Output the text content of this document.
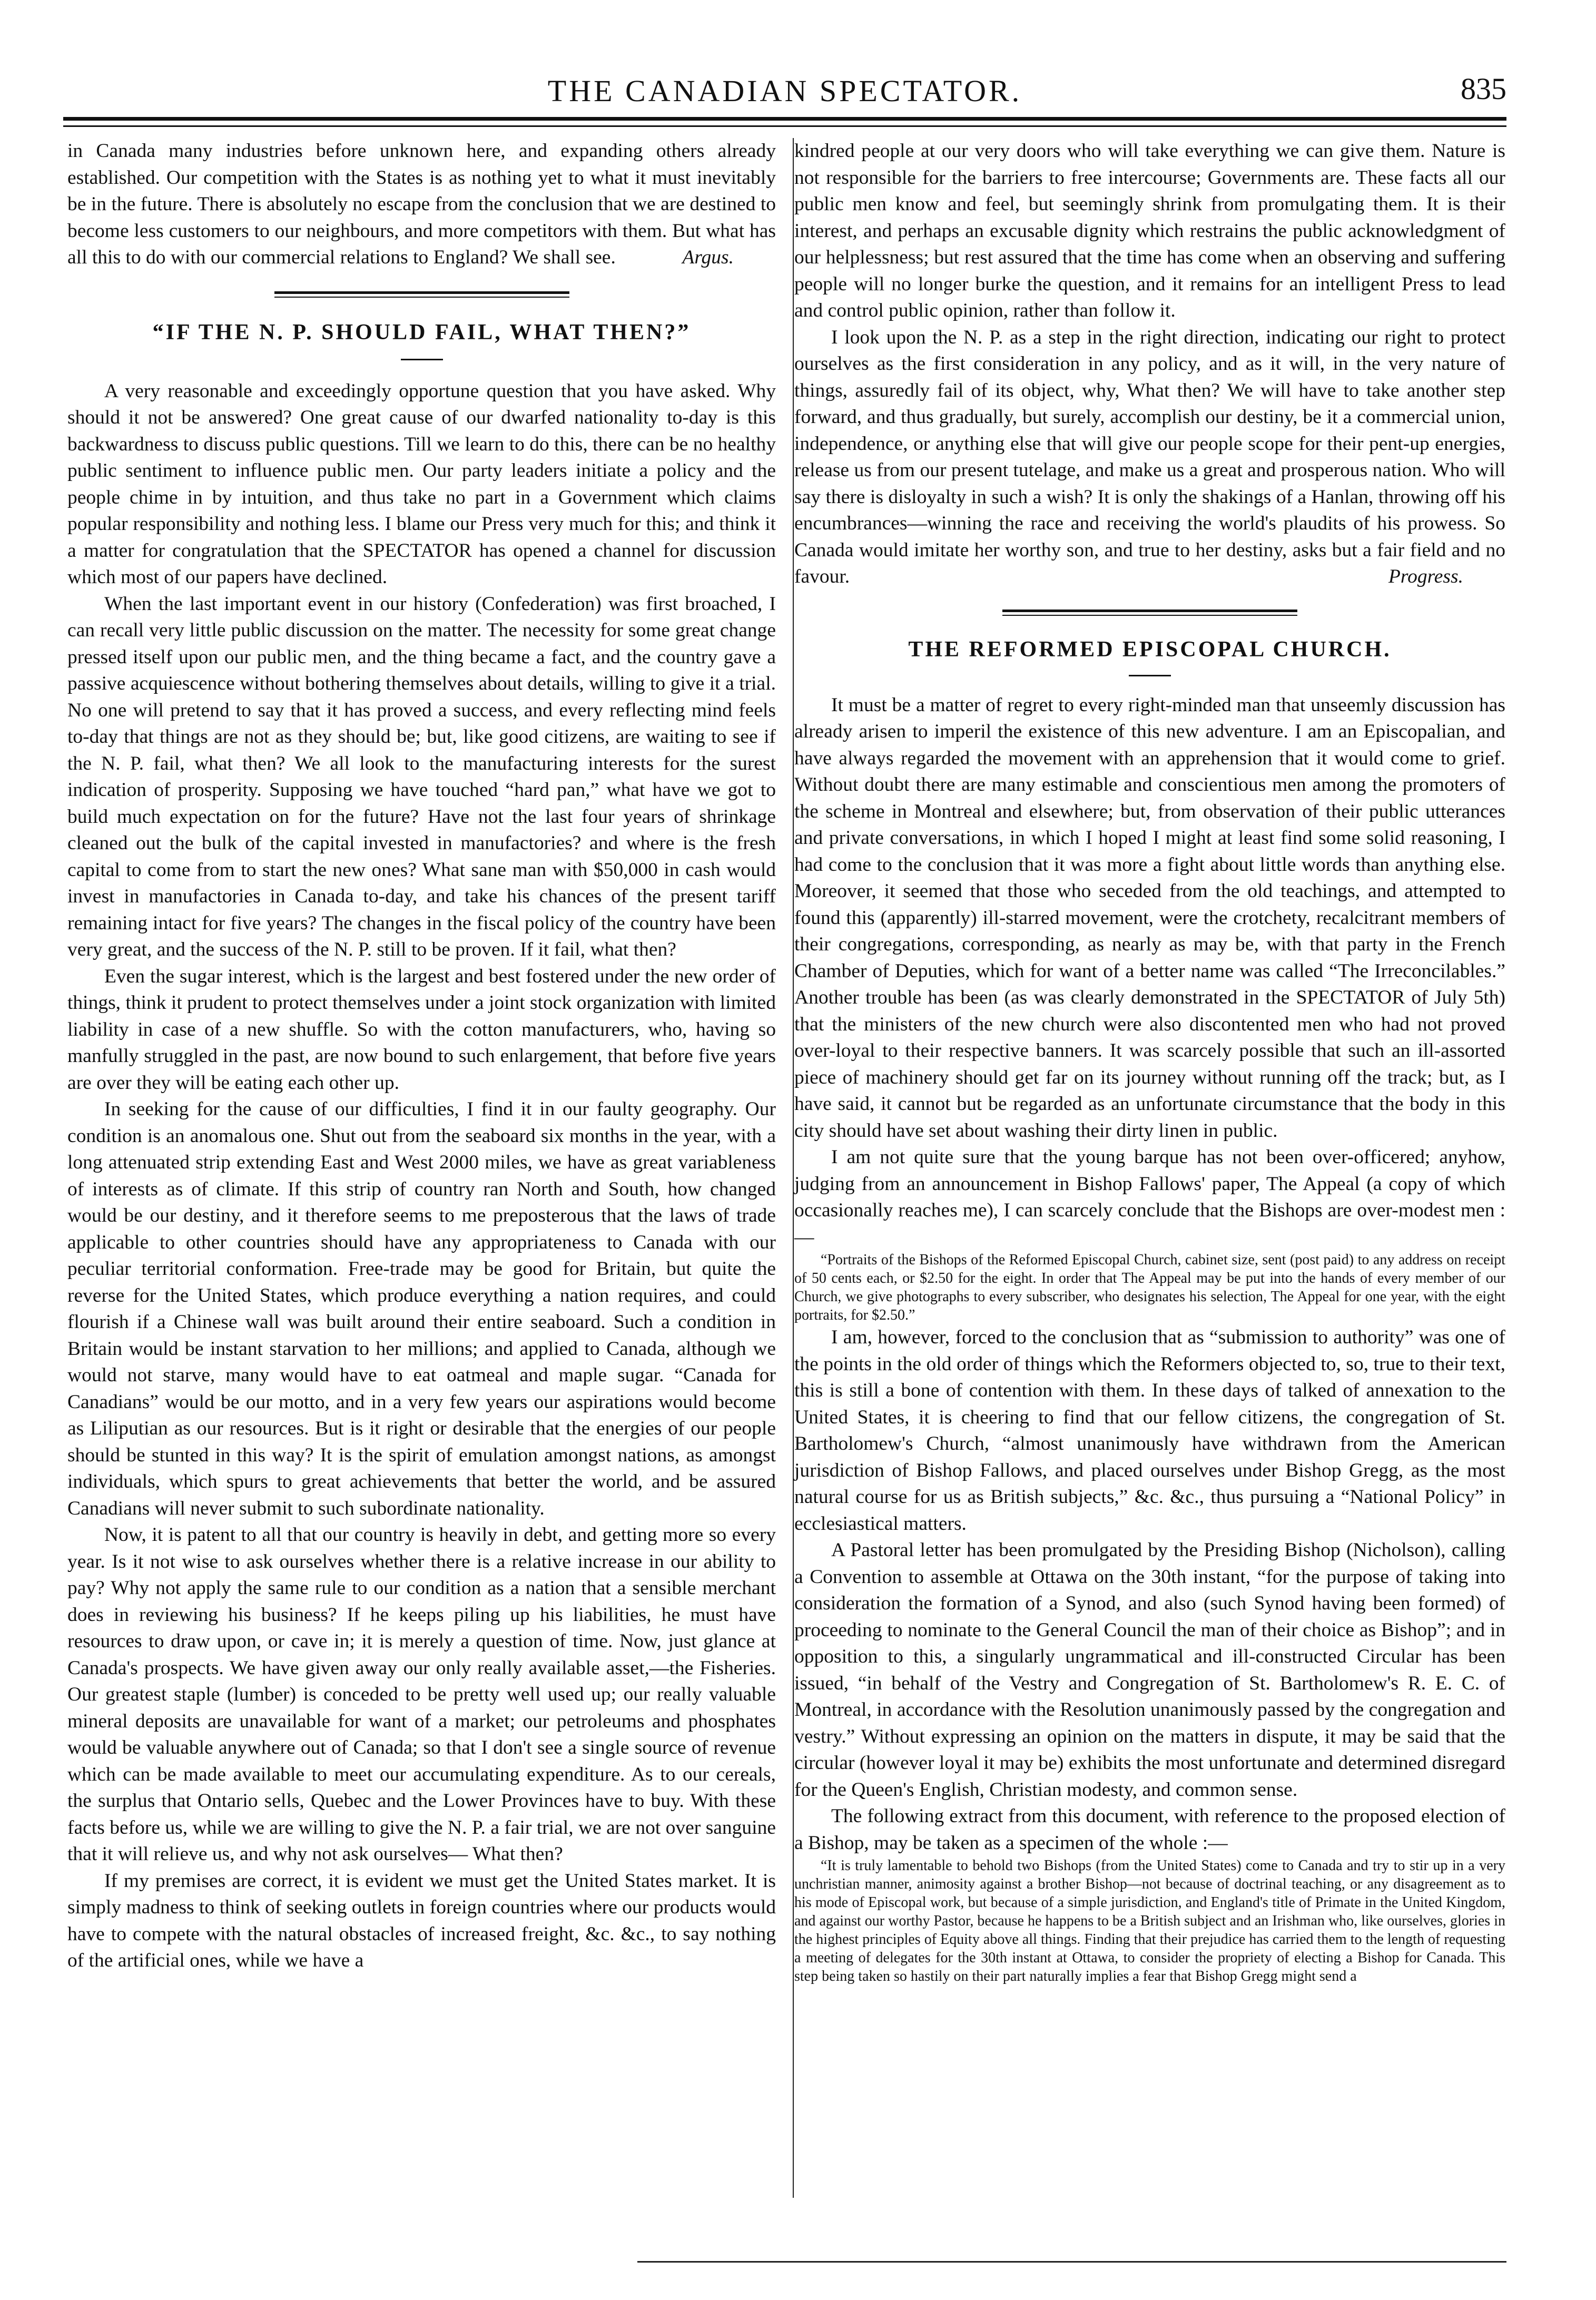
THE CANADIAN SPECTATOR.	835

in Canada many industries before unknown here, and expanding others already established. Our competition with the States is as nothing yet to what it must inevitably be in the future. There is absolutely no escape from the conclusion that we are destined to become less customers to our neighbours, and more competitors with them. But what has all this to do with our commercial relations to England? We shall see.	Argus.

“IF THE N. P. SHOULD FAIL, WHAT THEN?”

A very reasonable and exceedingly opportune question that you have asked. Why should it not be answered? One great cause of our dwarfed nationality to-day is this backwardness to discuss public questions. Till we learn to do this, there can be no healthy public sentiment to influence public men. Our party leaders initiate a policy and the people chime in by intuition, and thus take no part in a Government which claims popular responsibility and nothing less. I blame our Press very much for this; and think it a matter for congratulation that the SPECTATOR has opened a channel for discussion which most of our papers have declined.

When the last important event in our history (Confederation) was first broached, I can recall very little public discussion on the matter. The necessity for some great change pressed itself upon our public men, and the thing became a fact, and the country gave a passive acquiescence without bothering themselves about details, willing to give it a trial. No one will pretend to say that it has proved a success, and every reflecting mind feels to-day that things are not as they should be; but, like good citizens, are waiting to see if the N. P. fail, what then? We all look to the manufacturing interests for the surest indication of prosperity. Supposing we have touched “hard pan,” what have we got to build much expectation on for the future? Have not the last four years of shrinkage cleaned out the bulk of the capital invested in manufactories? and where is the fresh capital to come from to start the new ones? What sane man with $50,000 in cash would invest in manufactories in Canada to-day, and take his chances of the present tariff remaining intact for five years? The changes in the fiscal policy of the country have been very great, and the success of the N. P. still to be proven. If it fail, what then?

Even the sugar interest, which is the largest and best fostered under the new order of things, think it prudent to protect themselves under a joint stock organization with limited liability in case of a new shuffle. So with the cotton manufacturers, who, having so manfully struggled in the past, are now bound to such enlargement, that before five years are over they will be eating each other up.

In seeking for the cause of our difficulties, I find it in our faulty geography. Our condition is an anomalous one. Shut out from the seaboard six months in the year, with a long attenuated strip extending East and West 2000 miles, we have as great variableness of interests as of climate. If this strip of country ran North and South, how changed would be our destiny, and it therefore seems to me preposterous that the laws of trade applicable to other countries should have any appropriateness to Canada with our peculiar territorial conformation. Free-trade may be good for Britain, but quite the reverse for the United States, which produce everything a nation requires, and could flourish if a Chinese wall was built around their entire seaboard. Such a condition in Britain would be instant starvation to her millions; and applied to Canada, although we would not starve, many would have to eat oatmeal and maple sugar. “Canada for Canadians” would be our motto, and in a very few years our aspirations would become as Liliputian as our resources. But is it right or desirable that the energies of our people should be stunted in this way? It is the spirit of emulation amongst nations, as amongst individuals, which spurs to great achievements that better the world, and be assured Canadians will never submit to such subordinate nationality.

Now, it is patent to all that our country is heavily in debt, and getting more so every year. Is it not wise to ask ourselves whether there is a relative increase in our ability to pay? Why not apply the same rule to our condition as a nation that a sensible merchant does in reviewing his business? If he keeps piling up his liabilities, he must have resources to draw upon, or cave in; it is merely a question of time. Now, just glance at Canada's prospects. We have given away our only really available asset,—the Fisheries. Our greatest staple (lumber) is conceded to be pretty well used up; our really valuable mineral deposits are unavailable for want of a market; our petroleums and phosphates would be valuable anywhere out of Canada; so that I don't see a single source of revenue which can be made available to meet our accumulating expenditure. As to our cereals, the surplus that Ontario sells, Quebec and the Lower Provinces have to buy. With these facts before us, while we are willing to give the N. P. a fair trial, we are not over sanguine that it will relieve us, and why not ask ourselves— What then?

If my premises are correct, it is evident we must get the United States market. It is simply madness to think of seeking outlets in foreign countries where our products would have to compete with the natural obstacles of increased freight, &c. &c., to say nothing of the artificial ones, while we have a

kindred people at our very doors who will take everything we can give them. Nature is not responsible for the barriers to free intercourse; Governments are. These facts all our public men know and feel, but seemingly shrink from promulgating them. It is their interest, and perhaps an excusable dignity which restrains the public acknowledgment of our helplessness; but rest assured that the time has come when an observing and suffering people will no longer burke the question, and it remains for an intelligent Press to lead and control public opinion, rather than follow it.

I look upon the N. P. as a step in the right direction, indicating our right to protect ourselves as the first consideration in any policy, and as it will, in the very nature of things, assuredly fail of its object, why, What then? We will have to take another step forward, and thus gradually, but surely, accomplish our destiny, be it a commercial union, independence, or anything else that will give our people scope for their pent-up energies, release us from our present tutelage, and make us a great and prosperous nation. Who will say there is disloyalty in such a wish? It is only the shakings of a Hanlan, throwing off his encumbrances—winning the race and receiving the world's plaudits of his prowess. So Canada would imitate her worthy son, and true to her destiny, asks but a fair field and no favour.	Progress.

THE REFORMED EPISCOPAL CHURCH.

It must be a matter of regret to every right-minded man that unseemly discussion has already arisen to imperil the existence of this new adventure. I am an Episcopalian, and have always regarded the movement with an apprehension that it would come to grief. Without doubt there are many estimable and conscientious men among the promoters of the scheme in Montreal and elsewhere; but, from observation of their public utterances and private conversations, in which I hoped I might at least find some solid reasoning, I had come to the conclusion that it was more a fight about little words than anything else. Moreover, it seemed that those who seceded from the old teachings, and attempted to found this (apparently) ill-starred movement, were the crotchety, recalcitrant members of their congregations, corresponding, as nearly as may be, with that party in the French Chamber of Deputies, which for want of a better name was called “The Irreconcilables.” Another trouble has been (as was clearly demonstrated in the SPECTATOR of July 5th) that the ministers of the new church were also discontented men who had not proved over-loyal to their respective banners. It was scarcely possible that such an ill-assorted piece of machinery should get far on its journey without running off the track; but, as I have said, it cannot but be regarded as an unfortunate circumstance that the body in this city should have set about washing their dirty linen in public.

I am not quite sure that the young barque has not been over-officered; anyhow, judging from an announcement in Bishop Fallows' paper, The Appeal (a copy of which occasionally reaches me), I can scarcely conclude that the Bishops are over-modest men :—

“Portraits of the Bishops of the Reformed Episcopal Church, cabinet size, sent (post paid) to any address on receipt of 50 cents each, or $2.50 for the eight. In order that The Appeal may be put into the hands of every member of our Church, we give photographs to every subscriber, who designates his selection, The Appeal for one year, with the eight portraits, for $2.50.”

I am, however, forced to the conclusion that as “submission to authority” was one of the points in the old order of things which the Reformers objected to, so, true to their text, this is still a bone of contention with them. In these days of talked of annexation to the United States, it is cheering to find that our fellow citizens, the congregation of St. Bartholomew's Church, “almost unanimously have withdrawn from the American jurisdiction of Bishop Fallows, and placed ourselves under Bishop Gregg, as the most natural course for us as British subjects,” &c. &c., thus pursuing a “National Policy” in ecclesiastical matters.

A Pastoral letter has been promulgated by the Presiding Bishop (Nicholson), calling a Convention to assemble at Ottawa on the 30th instant, “for the purpose of taking into consideration the formation of a Synod, and also (such Synod having been formed) of proceeding to nominate to the General Council the man of their choice as Bishop”; and in opposition to this, a singularly ungrammatical and ill-constructed Circular has been issued, “in behalf of the Vestry and Congregation of St. Bartholomew's R. E. C. of Montreal, in accordance with the Resolution unanimously passed by the congregation and vestry.” Without expressing an opinion on the matters in dispute, it may be said that the circular (however loyal it may be) exhibits the most unfortunate and determined disregard for the Queen's English, Christian modesty, and common sense.

The following extract from this document, with reference to the proposed election of a Bishop, may be taken as a specimen of the whole :—

“It is truly lamentable to behold two Bishops (from the United States) come to Canada and try to stir up in a very unchristian manner, animosity against a brother Bishop—not because of doctrinal teaching, or any disagreement as to his mode of Episcopal work, but because of a simple jurisdiction, and England's title of Primate in the United Kingdom, and against our worthy Pastor, because he happens to be a British subject and an Irishman who, like ourselves, glories in the highest principles of Equity above all things. Finding that their prejudice has carried them to the length of requesting a meeting of delegates for the 30th instant at Ottawa, to consider the propriety of electing a Bishop for Canada. This step being taken so hastily on their part naturally implies a fear that Bishop Gregg might send a
